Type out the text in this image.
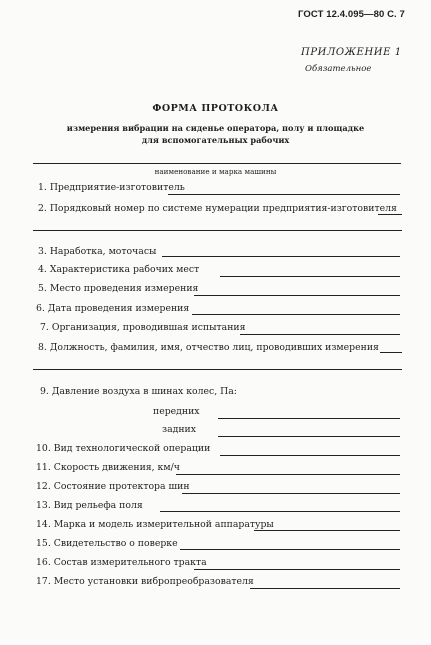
ГОСТ 12.4.095—80 С. 7
ПРИЛОЖЕНИЕ 1
Обязательное
ФОРМА ПРОТОКОЛА
измерения вибрации на сиденье оператора, полу и площадке
для вспомогательных рабочих
наименование и марка машины
1. Предприятие-изготовитель
2. Порядковый номер по системе нумерации предприятия-изготовителя
3. Наработка, моточасы
4. Характеристика рабочих мест
5. Место проведения измерения
6. Дата проведения измерения
7. Организация, проводившая испытания
8. Должность, фамилия, имя, отчество лиц, проводивших измерения
9. Давление воздуха в шинах колес, Па:
передних
задних
10. Вид технологической операции
11. Скорость движения, км/ч
12. Состояние протектора шин
13. Вид рельефа поля
14. Марка и модель измерительной аппаратуры
15. Свидетельство о поверке
16. Состав измерительного тракта
17. Место установки вибропреобразователя
